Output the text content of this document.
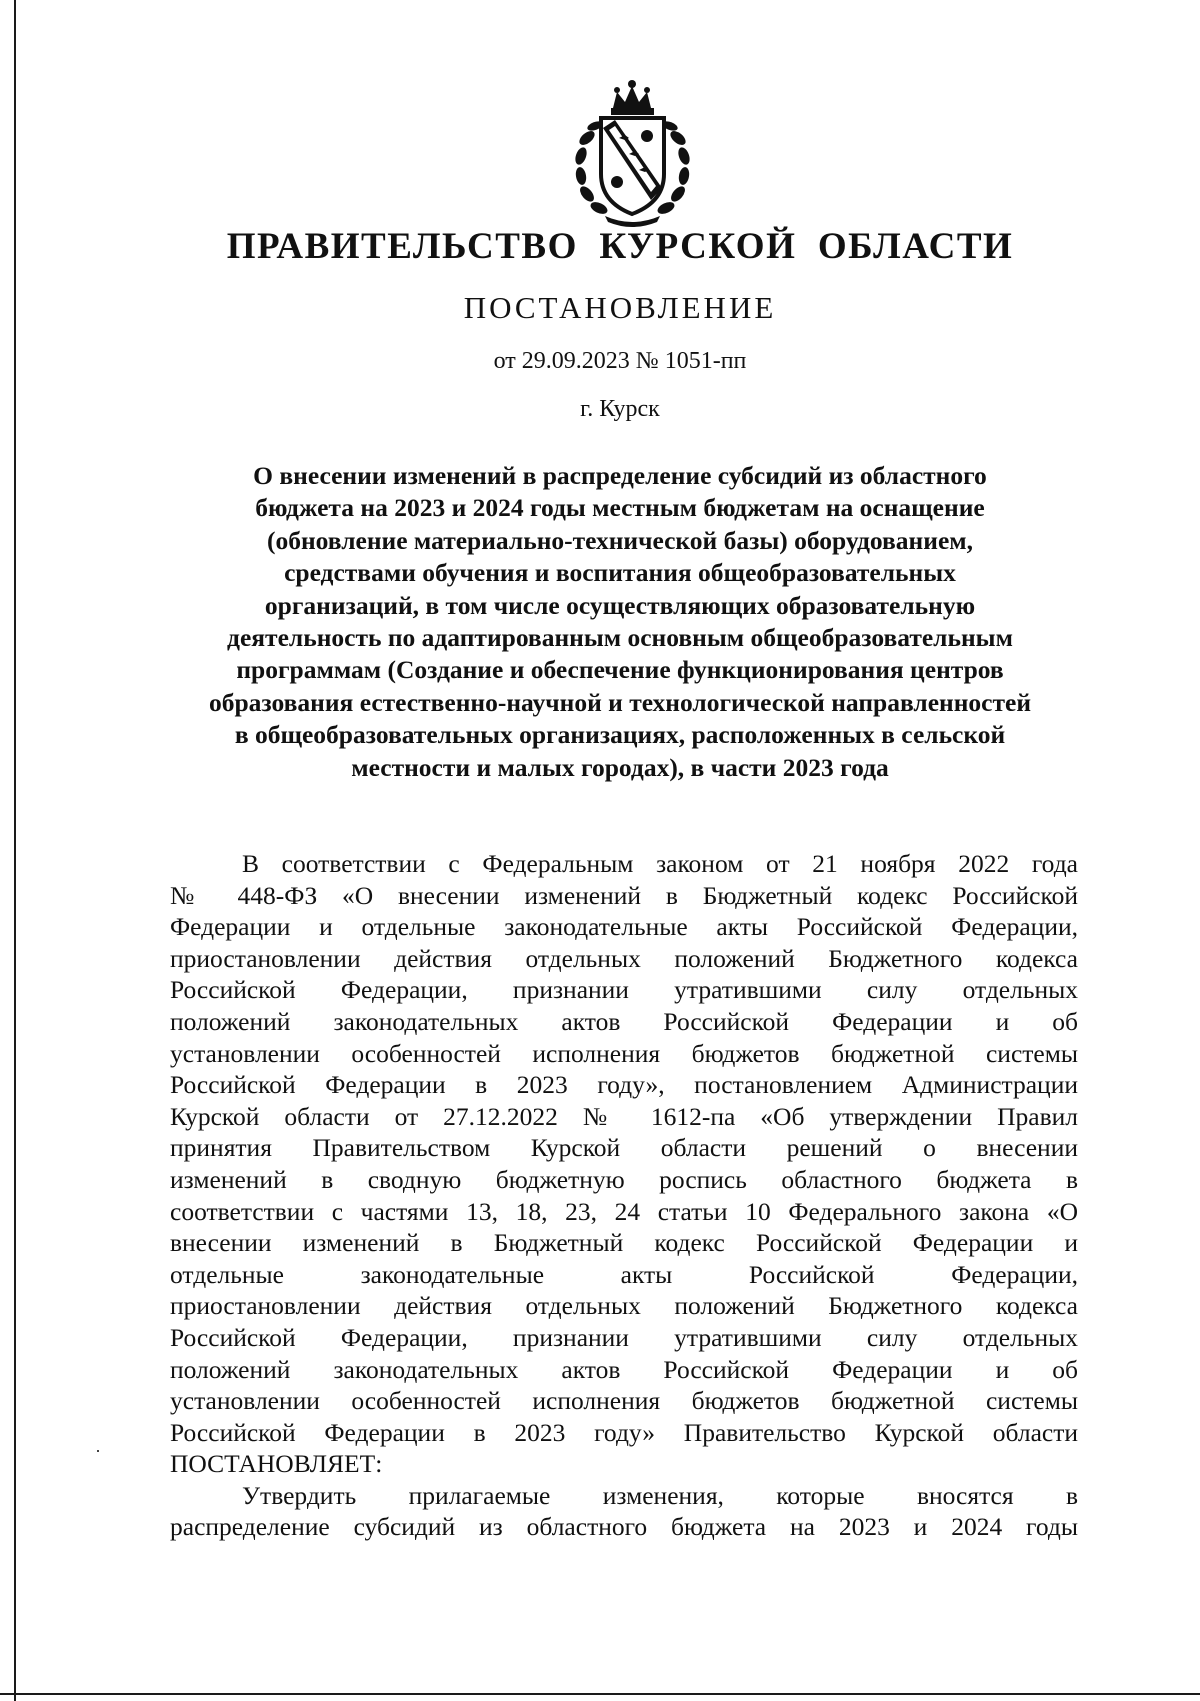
ПРАВИТЕЛЬСТВО  КУРСКОЙ  ОБЛАСТИ
ПОСТАНОВЛЕНИЕ
от 29.09.2023 № 1051-пп
г. Курск
О внесении изменений в распределение субсидий из областного
бюджета на 2023 и 2024 годы местным бюджетам на оснащение
(обновление материально-технической базы) оборудованием,
средствами обучения и воспитания общеобразовательных
организаций, в том числе осуществляющих образовательную
деятельность по адаптированным основным общеобразовательным
программам (Создание и обеспечение функционирования центров
образования естественно-научной и технологической направленностей
в общеобразовательных организациях, расположенных в сельской
местности и малых городах), в части 2023 года
В соответствии с Федеральным законом от 21 ноября 2022 года
№ 448-ФЗ «О внесении изменений в Бюджетный кодекс Российской
Федерации и отдельные законодательные акты Российской Федерации,
приостановлении действия отдельных положений Бюджетного кодекса
Российской Федерации, признании утратившими силу отдельных
положений законодательных актов Российской Федерации и об
установлении особенностей исполнения бюджетов бюджетной системы
Российской Федерации в 2023 году», постановлением Администрации
Курской области от 27.12.2022 № 1612-па «Об утверждении Правил
принятия Правительством Курской области решений о внесении
изменений в сводную бюджетную роспись областного бюджета в
соответствии с частями 13, 18, 23, 24 статьи 10 Федерального закона «О
внесении изменений в Бюджетный кодекс Российской Федерации и
отдельные законодательные акты Российской Федерации,
приостановлении действия отдельных положений Бюджетного кодекса
Российской Федерации, признании утратившими силу отдельных
положений законодательных актов Российской Федерации и об
установлении особенностей исполнения бюджетов бюджетной системы
Российской Федерации в 2023 году» Правительство Курской области
ПОСТАНОВЛЯЕТ:
Утвердить прилагаемые изменения, которые вносятся в
распределение субсидий из областного бюджета на 2023 и 2024 годы
